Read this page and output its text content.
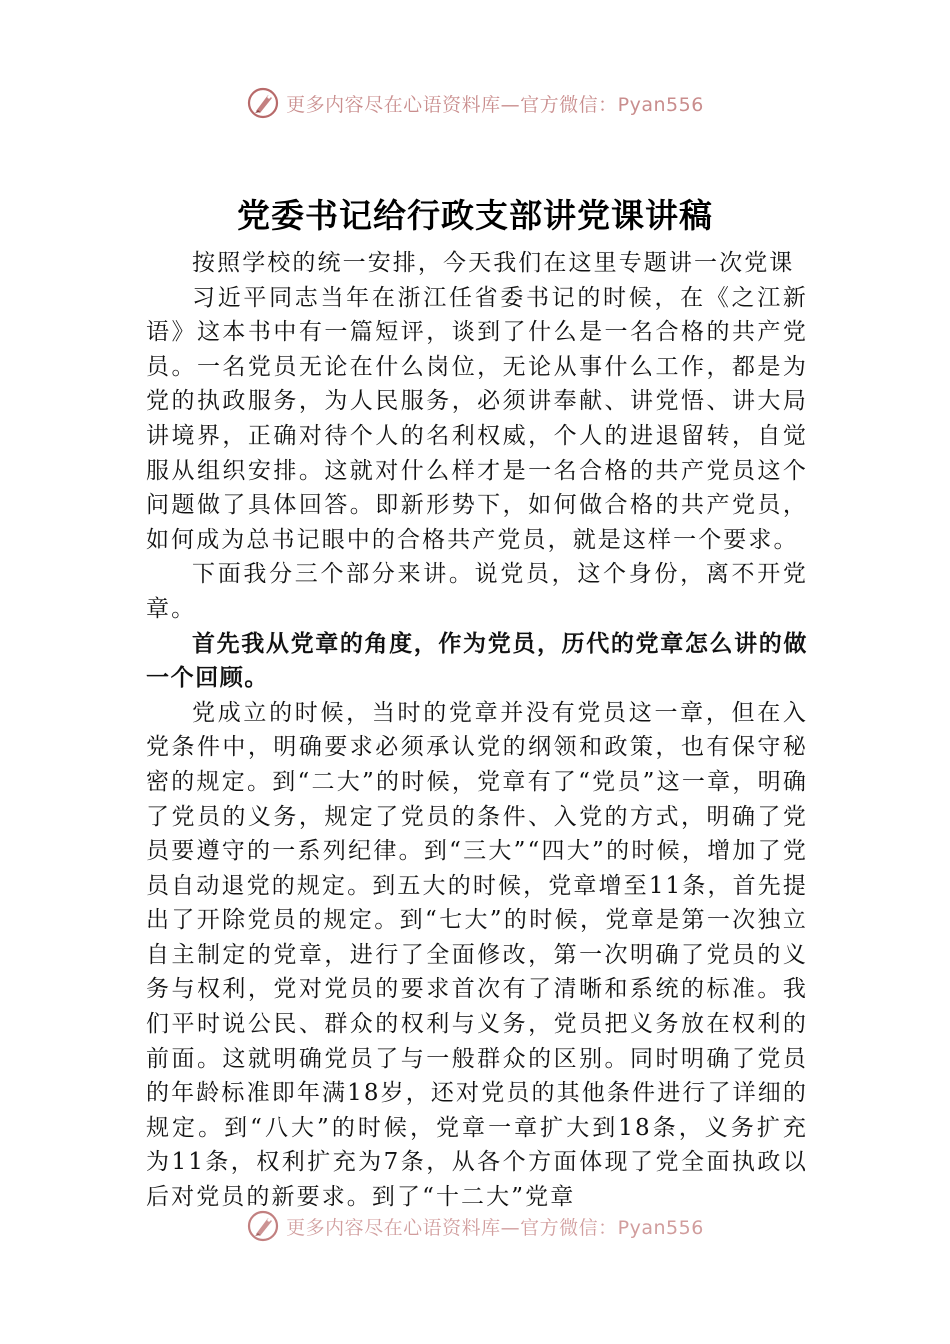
更多内容尽在心语资料库—官方微信：Pyan556
党委书记给行政支部讲党课讲稿

按照学校的统一安排，今天我们在这里专题讲一次党课

习近平同志当年在浙江任省委书记的时候，在《之江新语》这本书中有一篇短评，谈到了什么是一名合格的共产党员。一名党员无论在什么岗位，无论从事什么工作，都是为党的执政服务，为人民服务，必须讲奉献、讲党悟、讲大局讲境界，正确对待个人的名利权威，个人的进退留转，自觉服从组织安排。这就对什么样才是一名合格的共产党员这个问题做了具体回答。即新形势下，如何做合格的共产党员，如何成为总书记眼中的合格共产党员，就是这样一个要求。

下面我分三个部分来讲。说党员，这个身份，离不开党章。

首先我从党章的角度，作为党员，历代的党章怎么讲的做一个回顾。

党成立的时候，当时的党章并没有党员这一章，但在入党条件中，明确要求必须承认党的纲领和政策，也有保守秘密的规定。到“二大”的时候，党章有了“党员”这一章，明确了党员的义务，规定了党员的条件、入党的方式，明确了党员要遵守的一系列纪律。到“三大”“四大”的时候，增加了党员自动退党的规定。到五大的时候，党章增至11条，首先提出了开除党员的规定。到“七大”的时候，党章是第一次独立自主制定的党章，进行了全面修改，第一次明确了党员的义务与权利，党对党员的要求首次有了清晰和系统的标准。我们平时说公民、群众的权利与义务，党员把义务放在权利的前面。这就明确党员了与一般群众的区别。同时明确了党员的年龄标准即年满18岁，还对党员的其他条件进行了详细的规定。到“八大”的时候，党章一章扩大到18条，义务扩充为11条，权利扩充为7条，从各个方面体现了党全面执政以后对党员的新要求。到了“十二大”党章

更多内容尽在心语资料库—官方微信：Pyan556
